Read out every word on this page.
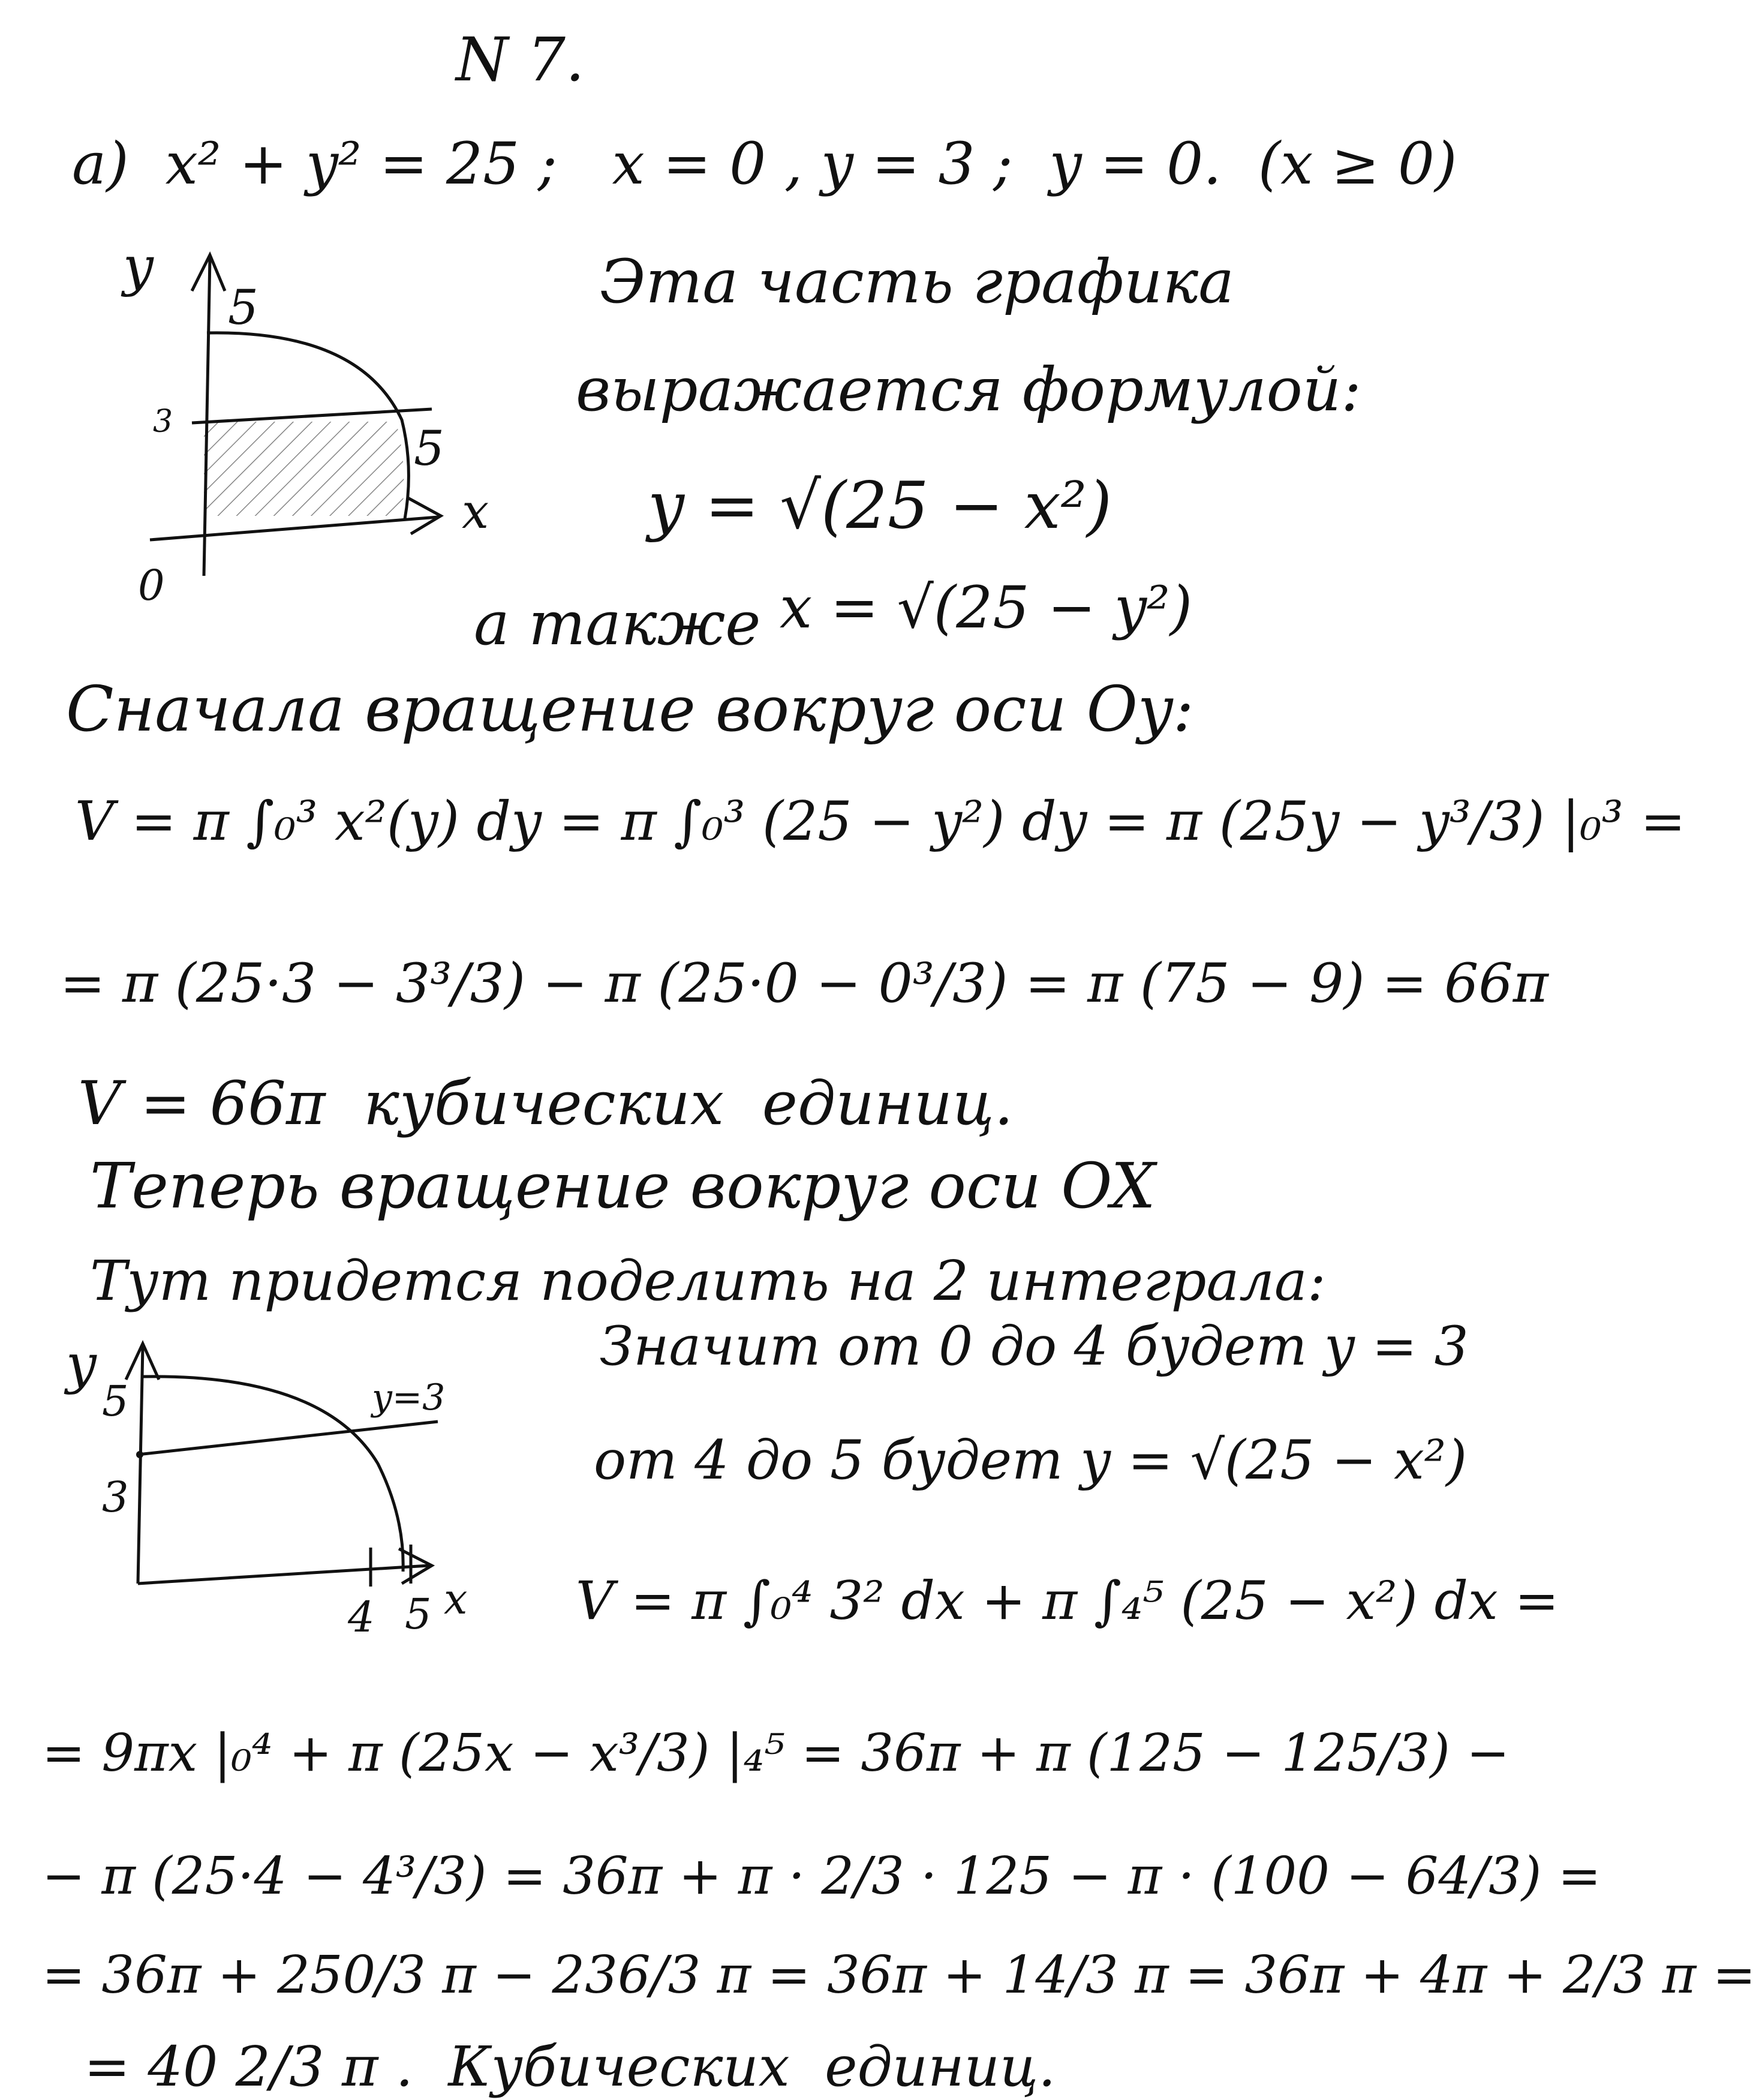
N 7.
а)  x² + y² = 25 ;   x = 0 , y = 3 ;  y = 0.  (x ≥ 0)
y
5
3	5
x
0
Эта часть графика
выражается формулой:
y = √(25 − x²)
а также x = √(25 − y²)
Сначала вращение вокруг оси Oy:
V = π ∫₀³ x²(y) dy = π ∫₀³ (25 − y²) dy = π (25y − y³/3) |₀³ =
= π (25·3 − 3³/3) − π (25·0 − 0³/3) = π (75 − 9) = 66π
V = 66π  кубических  единиц.
Теперь вращение вокруг оси OX
Тут придется поделить на 2 интеграла:
y
5
3
y=3
4 5 x
Значит от 0 до 4 будет y = 3
от 4 до 5 будет y = √(25 − x²)
V = π ∫₀⁴ 3² dx + π ∫₄⁵ (25 − x²) dx =
= 9πx |₀⁴ + π (25x − x³/3) |₄⁵ = 36π + π (125 − 125/3) −
− π (25·4 − 4³/3) = 36π + π · 2/3 · 125 − π · (100 − 64/3) =
= 36π + 250/3 π − 236/3 π = 36π + 14/3 π = 36π + 4π + 2/3 π =
= 40 2/3 π .  Кубических  единиц.
